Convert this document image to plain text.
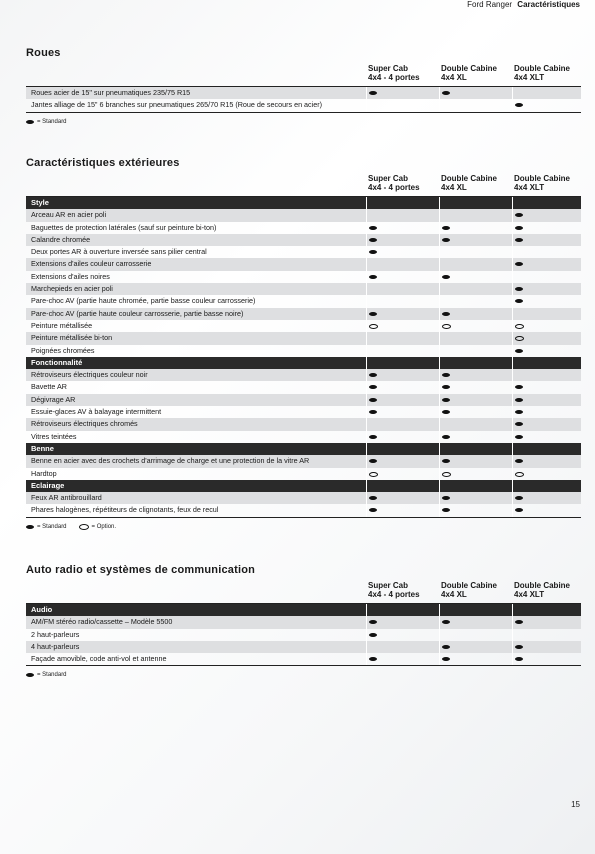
Ford Ranger Caractéristiques
Roues
Super Cab
4x4 - 4 portes
Double Cabine
4x4 XL
Double Cabine
4x4 XLT
Roues acier de 15" sur pneumatiques 235/75 R15
Jantes alliage de 15" 6 branches sur pneumatiques 265/70 R15 (Roue de secours en acier)
= Standard
Caractéristiques extérieures
Super Cab
4x4 - 4 portes
Double Cabine
4x4 XL
Double Cabine
4x4 XLT
Style
Arceau AR en acier poli
Baguettes de protection latérales (sauf sur peinture bi-ton)
Calandre chromée
Deux portes AR à ouverture inversée sans pilier central
Extensions d'ailes couleur carrosserie
Extensions d'ailes noires
Marchepieds en acier poli
Pare-choc AV (partie haute chromée, partie basse couleur carrosserie)
Pare-choc AV (partie haute couleur carrosserie, partie basse noire)
Peinture métallisée
Peinture métallisée bi-ton
Poignées chromées
Fonctionnalité
Rétroviseurs électriques couleur noir
Bavette AR
Dégivrage AR
Essuie-glaces AV à balayage intermittent
Rétroviseurs électriques chromés
Vitres teintées
Benne
Benne en acier avec des crochets d'arrimage de charge et une protection de la vitre AR
Hardtop
Eclairage
Feux AR antibrouillard
Phares halogènes, répétiteurs de clignotants, feux de recul
= Standard	= Option.
Auto radio et systèmes de communication
Super Cab
4x4 - 4 portes
Double Cabine
4x4 XL
Double Cabine
4x4 XLT
Audio
AM/FM stéréo radio/cassette – Modèle 5500
2 haut-parleurs
4 haut-parleurs
Façade amovible, code anti-vol et antenne
= Standard
15
